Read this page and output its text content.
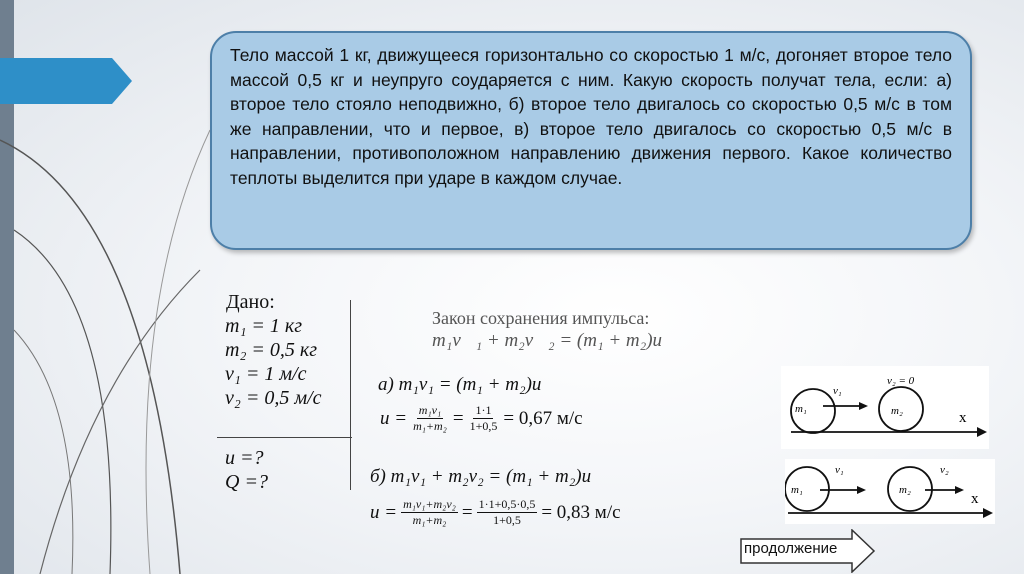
Тело массой 1 кг, движущееся горизонтально со скоростью 1 м/с, догоняет второе тело массой 0,5 кг и неупруго соударяется с ним. Какую скорость получат тела, если: а) второе тело стояло неподвижно, б) второе тело двигалось со скоростью 0,5 м/с в том же направлении, что и первое, в) второе тело двигалось со скоростью 0,5 м/с в направлении, противоположном направлению движения первого. Какое количество теплоты выделится при ударе в каждом случае.
Дано:
m₁ = 1 кг
m₂ = 0,5 кг
v₁ = 1 м/с
v₂ = 0,5 м/с
u =?
Q =?
Закон сохранения импульса:
m₁v⃗₁ + m₂v⃗₂ = (m₁ + m₂)u⃗
а) m₁v₁ = (m₁ + m₂)u
$u = \frac{\text{m₁v₁}}{\text{m₁+m₂}} = \frac{1\cdot 1}{1+0,5} = 0,67$ м/с
б) m₁v₁ + m₂v₂ = (m₁ + m₂)u
$u = \frac{\text{m₁v₁+m₂v₂}}{\text{m₁+m₂}} = \frac{1\cdot 1+0,5\cdot 0,5}{1+0,5} = 0,83$ м/с
m₁	m₂
v₁
v₂ = 0
x
m₁	m₂
v₁	v₂
x
продолжение
